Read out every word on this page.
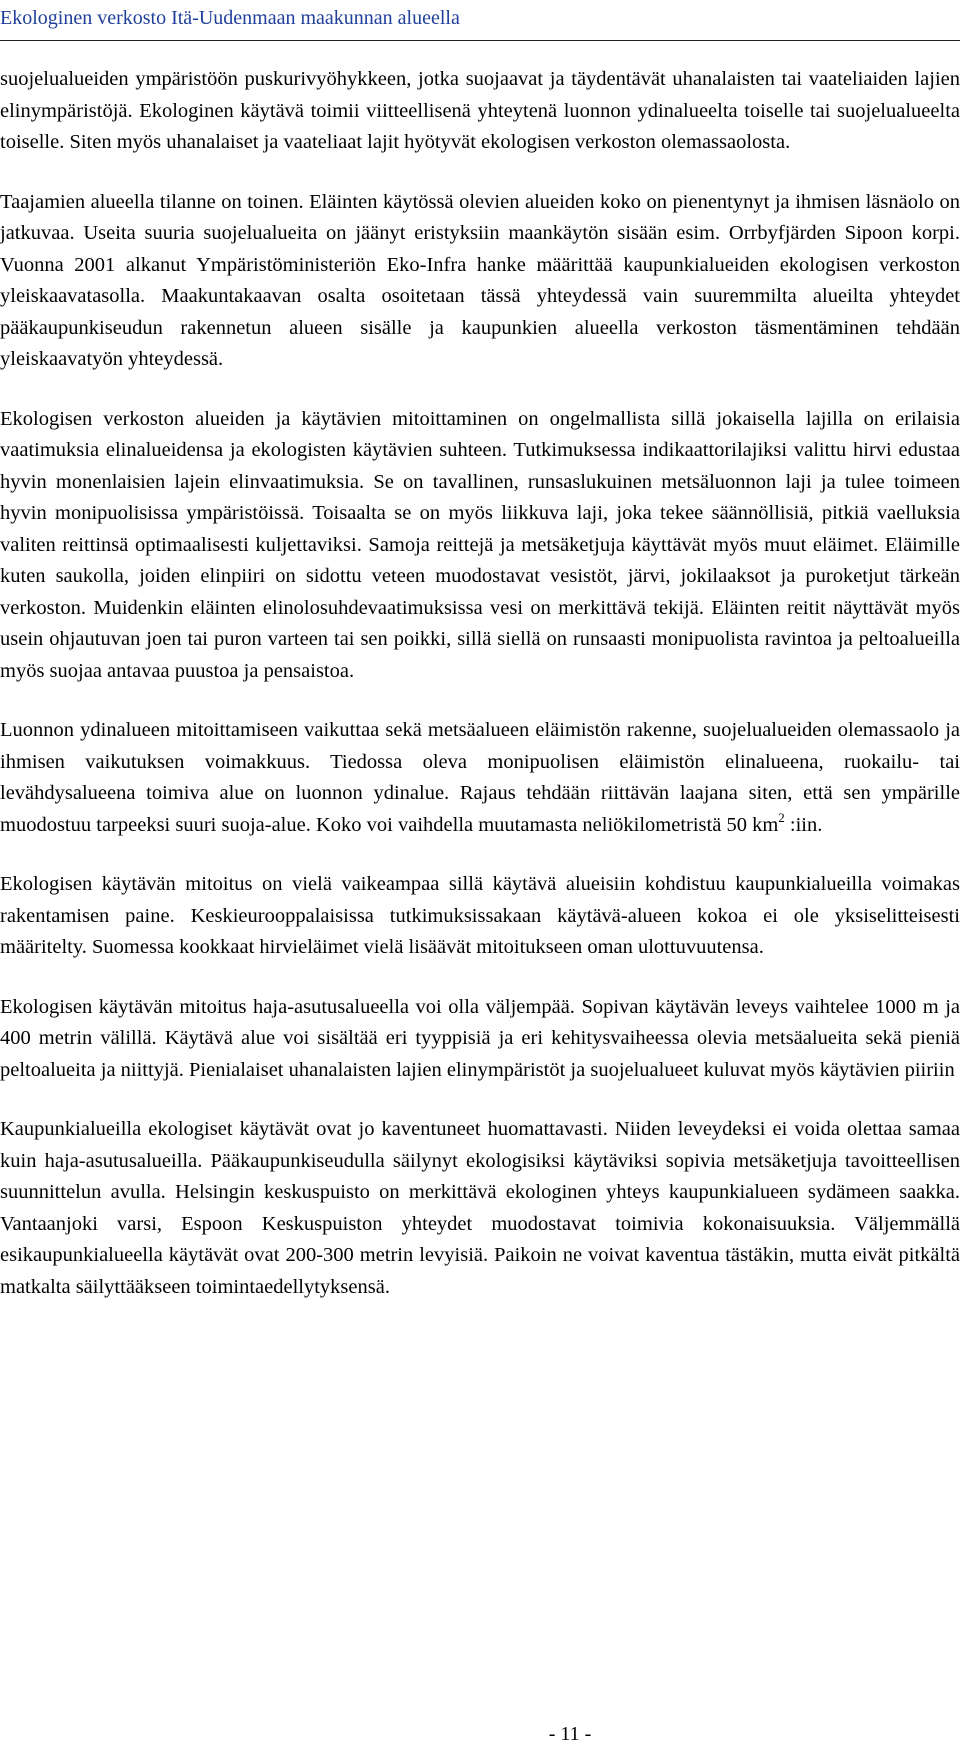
Ekologinen verkosto Itä-Uudenmaan maakunnan alueella

suojelualueiden ympäristöön puskurivyöhykkeen, jotka suojaavat ja täydentävät uhanalaisten tai vaateliaiden lajien elinympäristöjä. Ekologinen käytävä toimii viitteellisenä yhteytenä luonnon ydinalueelta toiselle tai suojelualueelta toiselle. Siten myös uhanalaiset ja vaateliaat lajit hyötyvät ekologisen verkoston olemassaolosta.

Taajamien alueella tilanne on toinen. Eläinten käytössä olevien alueiden koko on pienentynyt ja ihmisen läsnäolo on jatkuvaa. Useita suuria suojelualueita on jäänyt eristyksiin maankäytön sisään esim. Orrbyfjärden Sipoon korpi. Vuonna 2001 alkanut Ympäristöministeriön Eko-Infra hanke määrittää kaupunkialueiden ekologisen verkoston yleiskaavatasolla. Maakuntakaavan osalta osoitetaan tässä yhteydessä vain suuremmilta alueilta yhteydet pääkaupunkiseudun rakennetun alueen sisälle ja kaupunkien alueella verkoston täsmentäminen tehdään yleiskaavatyön yhteydessä.

Ekologisen verkoston alueiden ja käytävien mitoittaminen on ongelmallista sillä jokaisella lajilla on erilaisia vaatimuksia elinalueidensa ja ekologisten käytävien suhteen. Tutkimuksessa indikaattorilajiksi valittu hirvi edustaa hyvin monenlaisien lajein elinvaatimuksia. Se on tavallinen, runsaslukuinen metsäluonnon laji ja tulee toimeen hyvin monipuolisissa ympäristöissä. Toisaalta se on myös liikkuva laji, joka tekee säännöllisiä, pitkiä vaelluksia valiten reittinsä optimaalisesti kuljettaviksi. Samoja reittejä ja metsäketjuja käyttävät myös muut eläimet. Eläimille kuten saukolla, joiden elinpiiri on sidottu veteen muodostavat vesistöt, järvi, jokilaaksot ja puroketjut tärkeän verkoston. Muidenkin eläinten elinolosuhdevaatimuksissa vesi on merkittävä tekijä. Eläinten reitit näyttävät myös usein ohjautuvan joen tai puron varteen tai sen poikki, sillä siellä on runsaasti monipuolista ravintoa ja peltoalueilla myös suojaa antavaa puustoa ja pensaistoa.

Luonnon ydinalueen mitoittamiseen vaikuttaa sekä metsäalueen eläimistön rakenne, suojelualueiden olemassaolo ja ihmisen vaikutuksen voimakkuus. Tiedossa oleva monipuolisen eläimistön elinalueena, ruokailu- tai levähdysalueena toimiva alue on luonnon ydinalue. Rajaus tehdään riittävän laajana siten, että sen ympärille muodostuu tarpeeksi suuri suoja-alue. Koko voi vaihdella muutamasta neliökilometristä 50 $km^2$ :iin.

Ekologisen käytävän mitoitus on vielä vaikeampaa sillä käytävä alueisiin kohdistuu kaupunkialueilla voimakas rakentamisen paine. Keskieurooppalaisissa tutkimuksissakaan käytävä-alueen kokoa ei ole yksiselitteisesti määritelty. Suomessa kookkaat hirvieläimet vielä lisäävät mitoitukseen oman ulottuvuutensa.

Ekologisen käytävän mitoitus haja-asutusalueella voi olla väljempää. Sopivan käytävän leveys vaihtelee 1000 m ja 400 metrin välillä. Käytävä alue voi sisältää eri tyyppisiä ja eri kehitysvaiheessa olevia metsäalueita sekä pieniä peltoalueita ja niittyjä. Pienialaiset uhanalaisten lajien elinympäristöt ja suojelualueet kuluvat myös käytävien piiriin

Kaupunkialueilla ekologiset käytävät ovat jo kaventuneet huomattavasti. Niiden leveydeksi ei voida olettaa samaa kuin haja-asutusalueilla. Pääkaupunkiseudulla säilynyt ekologisiksi käytäviksi sopivia metsäketjuja tavoitteellisen suunnittelun avulla. Helsingin keskuspuisto on merkittävä ekologinen yhteys kaupunkialueen sydämeen saakka. Vantaanjoki varsi, Espoon Keskuspuiston yhteydet muodostavat toimivia kokonaisuuksia. Väljemmällä esikaupunkialueella käytävät ovat 200-300 metrin levyisiä. Paikoin ne voivat kaventua tästäkin, mutta eivät pitkältä matkalta säilyttääkseen toimintaedellytyksensä.

- 11 -
